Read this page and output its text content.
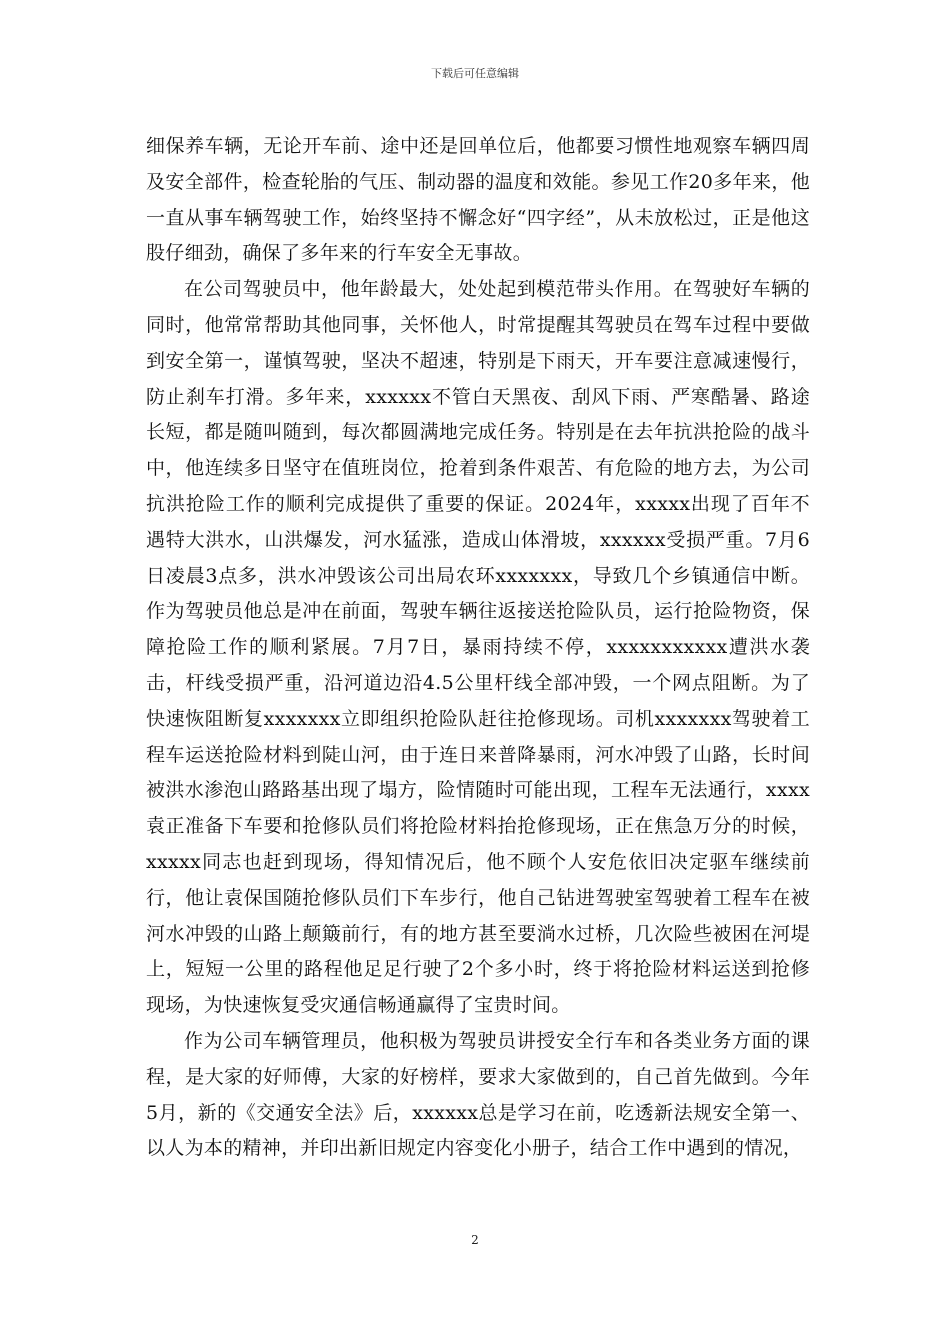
下载后可任意编辑

细保养车辆，无论开车前、途中还是回单位后，他都要习惯性地观察车辆四周及安全部件，检查轮胎的气压、制动器的温度和效能。参见工作20多年来，他一直从事车辆驾驶工作，始终坚持不懈念好“四字经”，从未放松过，正是他这股仔细劲，确保了多年来的行车安全无事故。

在公司驾驶员中，他年龄最大，处处起到模范带头作用。在驾驶好车辆的同时，他常常帮助其他同事，关怀他人，时常提醒其驾驶员在驾车过程中要做到安全第一，谨慎驾驶，坚决不超速，特别是下雨天，开车要注意减速慢行，防止刹车打滑。多年来，xxxxxx不管白天黑夜、刮风下雨、严寒酷暑、路途长短，都是随叫随到，每次都圆满地完成任务。特别是在去年抗洪抢险的战斗中，他连续多日坚守在值班岗位，抢着到条件艰苦、有危险的地方去，为公司抗洪抢险工作的顺利完成提供了重要的保证。2024年，xxxxx出现了百年不遇特大洪水，山洪爆发，河水猛涨，造成山体滑坡，xxxxxx受损严重。7月6日凌晨3点多，洪水冲毁该公司出局农环xxxxxxx，导致几个乡镇通信中断。作为驾驶员他总是冲在前面，驾驶车辆往返接送抢险队员，运行抢险物资，保障抢险工作的顺利紧展。7月7日，暴雨持续不停，xxxxxxxxxxx遭洪水袭击，杆线受损严重，沿河道边沿4.5公里杆线全部冲毁，一个网点阻断。为了快速恢阻断复xxxxxxx立即组织抢险队赶往抢修现场。司机xxxxxxx驾驶着工程车运送抢险材料到陡山河，由于连日来普降暴雨，河水冲毁了山路，长时间被洪水渗泡山路路基出现了塌方，险情随时可能出现，工程车无法通行，xxxx袁正准备下车要和抢修队员们将抢险材料抬抢修现场，正在焦急万分的时候，xxxxx同志也赶到现场，得知情况后，他不顾个人安危依旧决定驱车继续前行，他让袁保国随抢修队员们下车步行，他自己钻进驾驶室驾驶着工程车在被河水冲毁的山路上颠簸前行，有的地方甚至要淌水过桥，几次险些被困在河堤上，短短一公里的路程他足足行驶了2个多小时，终于将抢险材料运送到抢修现场，为快速恢复受灾通信畅通赢得了宝贵时间。

作为公司车辆管理员，他积极为驾驶员讲授安全行车和各类业务方面的课程，是大家的好师傅，大家的好榜样，要求大家做到的，自己首先做到。今年5月，新的《交通安全法》后，xxxxxx总是学习在前，吃透新法规安全第一、以人为本的精神，并印出新旧规定内容变化小册子，结合工作中遇到的情况，

2
